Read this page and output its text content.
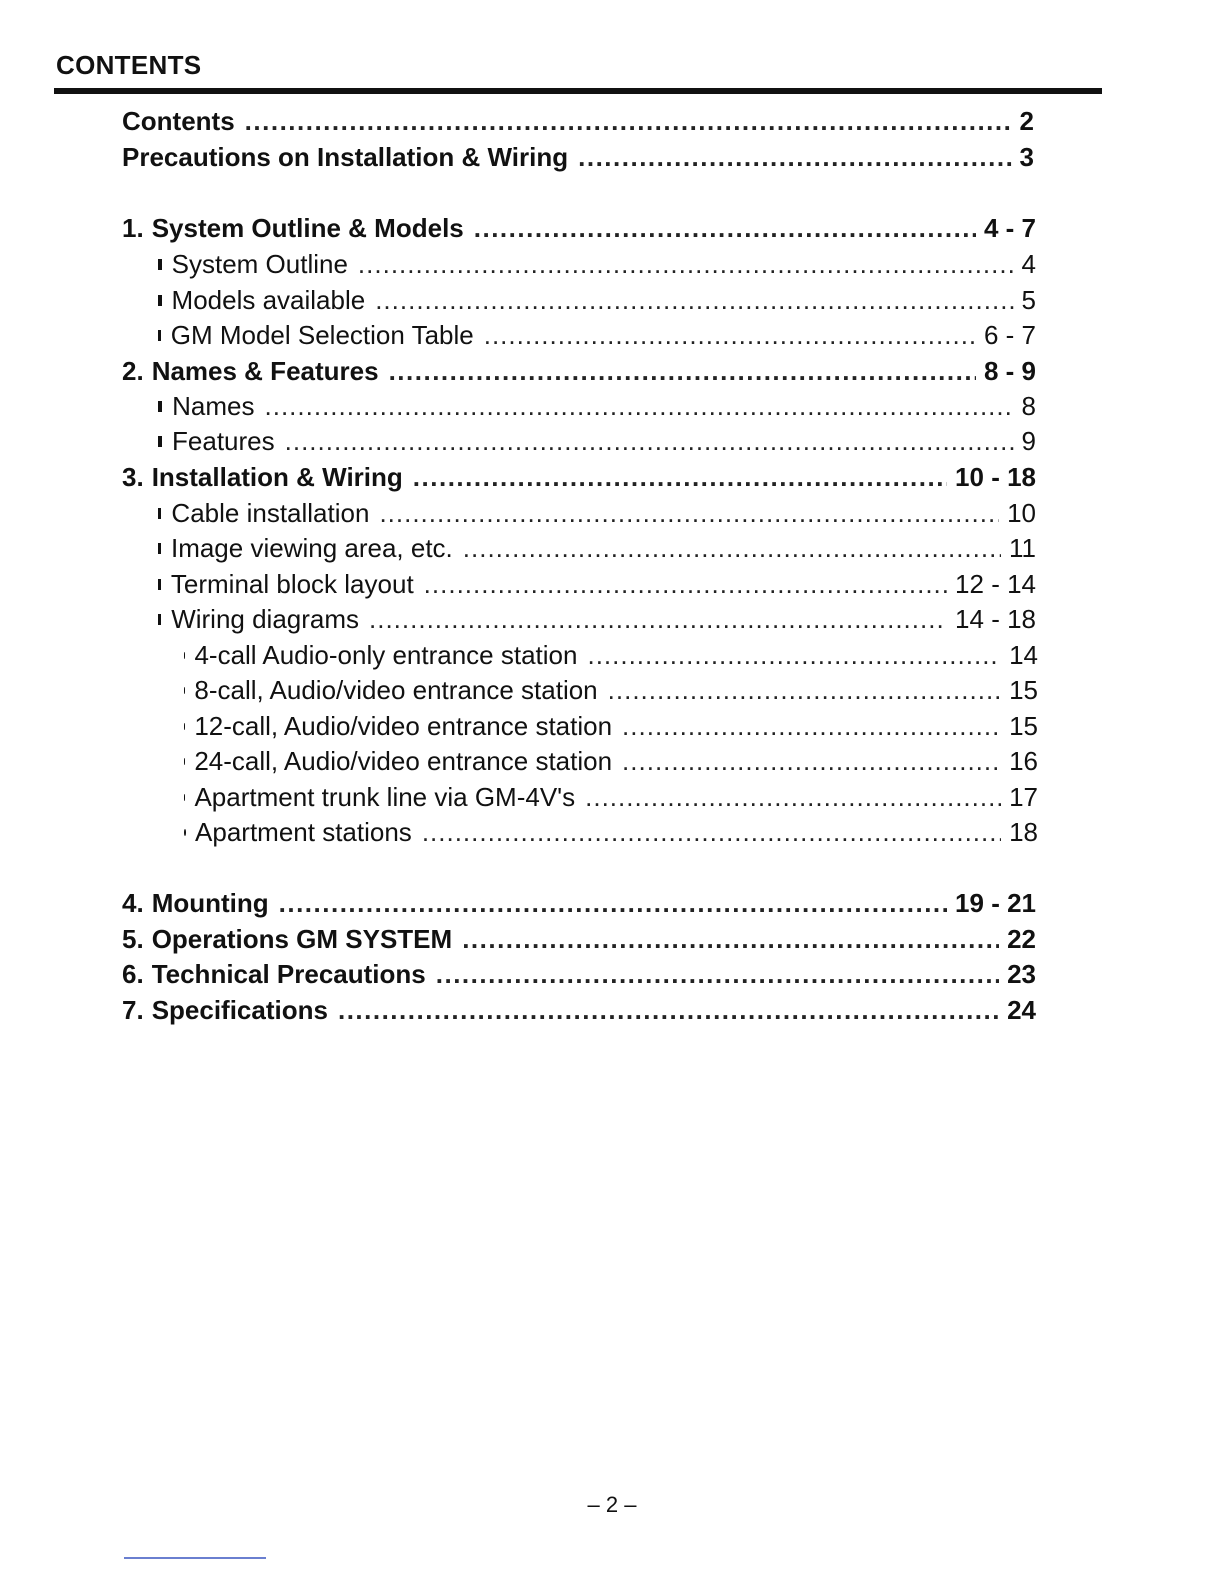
CONTENTS
Contents .....	2
Precautions on Installation & Wiring .....	3
1. System Outline & Models .....	4 - 7
System Outline .....	4
Models available .....	5
GM Model Selection Table .....	6 - 7
2. Names & Features .....	8 - 9
Names .....	8
Features .....	9
3. Installation & Wiring .....	10 - 18
Cable installation .....	10
Image viewing area, etc. .....	11
Terminal block layout .....	12 - 14
Wiring diagrams .....	14 - 18
4-call Audio-only entrance station .....	14
8-call, Audio/video entrance station .....	15
12-call, Audio/video entrance station .....	15
24-call, Audio/video entrance station .....	16
Apartment trunk line via GM-4V's .....	17
Apartment stations .....	18
4. Mounting .....	19 - 21
5. Operations GM SYSTEM .....	22
6. Technical Precautions .....	23
7. Specifications .....	24
– 2 –
